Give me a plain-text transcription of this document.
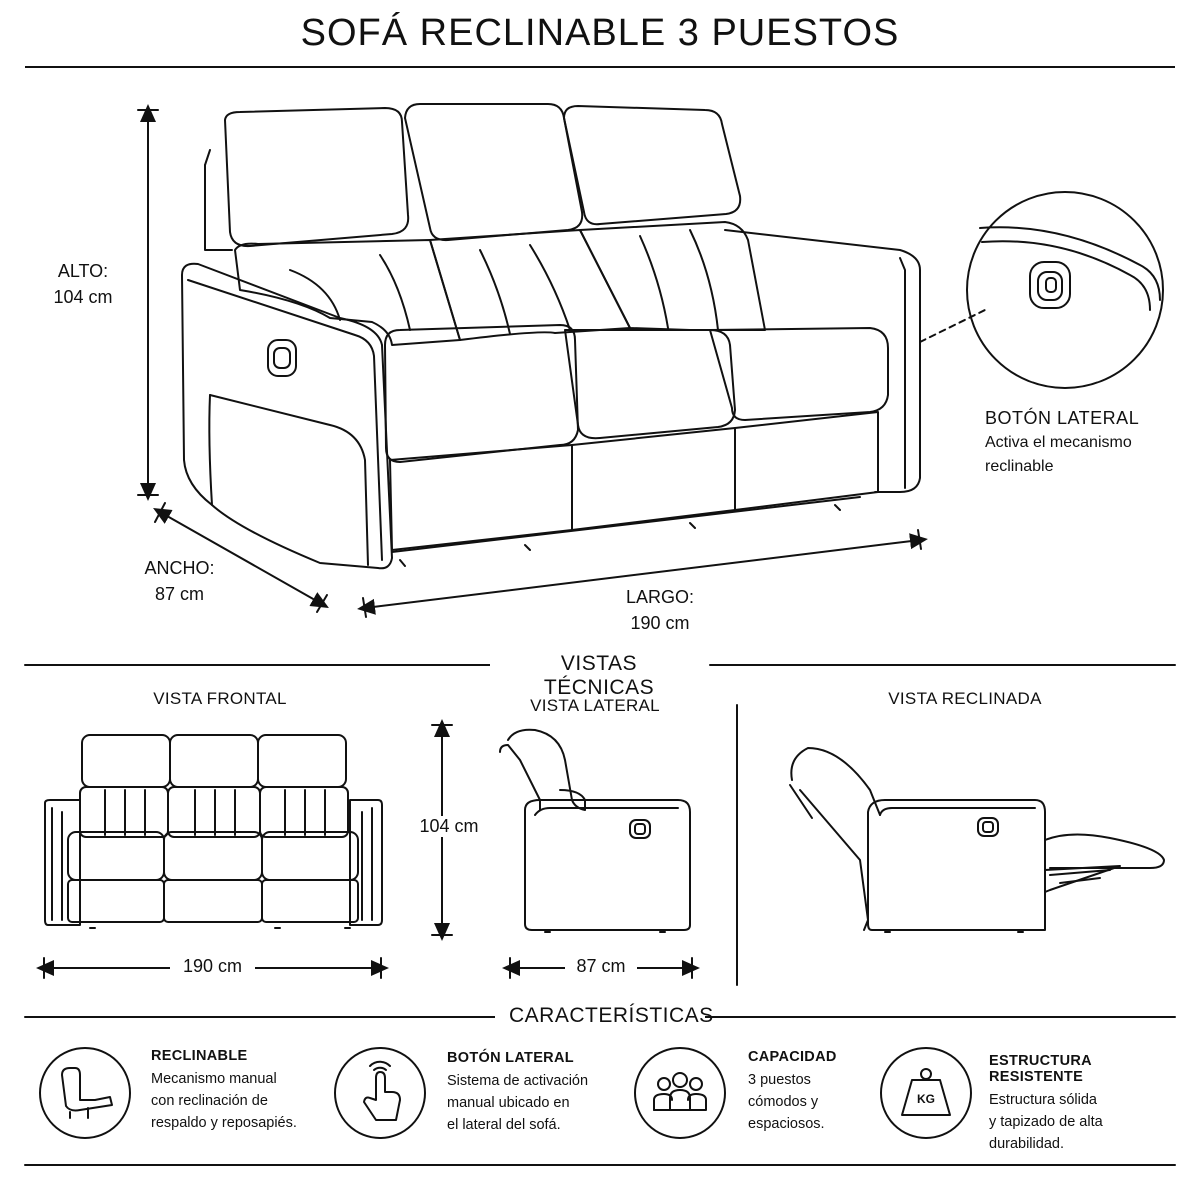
SOFÁ RECLINABLE 3 PUESTOS
ALTO:
104 cm
ANCHO:
87 cm	LARGO:
190 cm
BOTÓN LATERAL
Activa el mecanismo
reclinable
VISTAS TÉCNICAS
VISTA FRONTAL	VISTA LATERAL	VISTA RECLINADA
190 cm
104 cm
87 cm
CARACTERÍSTICAS
KG
RECLINABLE
Mecanismo manual
con reclinación de
respaldo y reposapiés.
BOTÓN LATERAL
Sistema de activación
manual ubicado en
el lateral del sofá.
CAPACIDAD
3 puestos
cómodos y
espaciosos.
ESTRUCTURA RESISTENTE
Estructura sólida
y tapizado de alta
durabilidad.
